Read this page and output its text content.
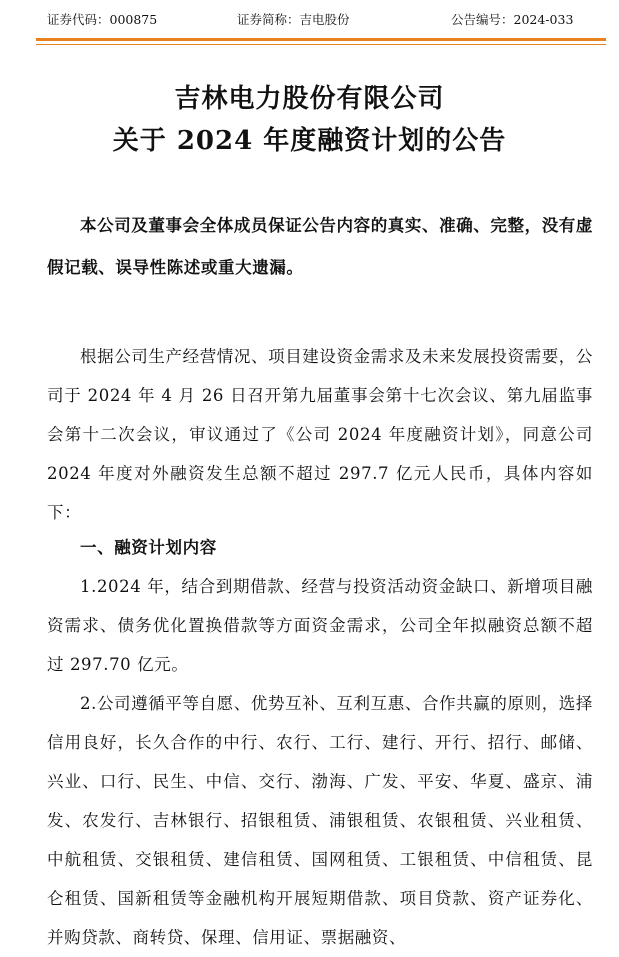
证券代码：000875	证券简称：吉电股份	公告编号：2024-033
吉林电力股份有限公司
关于 2024 年度融资计划的公告

本公司及董事会全体成员保证公告内容的真实、准确、完整，没有虚假记载、误导性陈述或重大遗漏。

根据公司生产经营情况、项目建设资金需求及未来发展投资需要，公司于 2024 年 4 月 26 日召开第九届董事会第十七次会议、第九届监事会第十二次会议，审议通过了《公司 2024 年度融资计划》，同意公司 2024 年度对外融资发生总额不超过 297.7 亿元人民币，具体内容如下：

一、融资计划内容

1.2024 年，结合到期借款、经营与投资活动资金缺口、新增项目融资需求、债务优化置换借款等方面资金需求，公司全年拟融资总额不超过 297.70 亿元。

2.公司遵循平等自愿、优势互补、互利互惠、合作共赢的原则，选择信用良好，长久合作的中行、农行、工行、建行、开行、招行、邮储、兴业、口行、民生、中信、交行、渤海、广发、平安、华夏、盛京、浦发、农发行、吉林银行、招银租赁、浦银租赁、农银租赁、兴业租赁、中航租赁、交银租赁、建信租赁、国网租赁、工银租赁、中信租赁、昆仑租赁、国新租赁等金融机构开展短期借款、项目贷款、资产证券化、并购贷款、商转贷、保理、信用证、票据融资、
